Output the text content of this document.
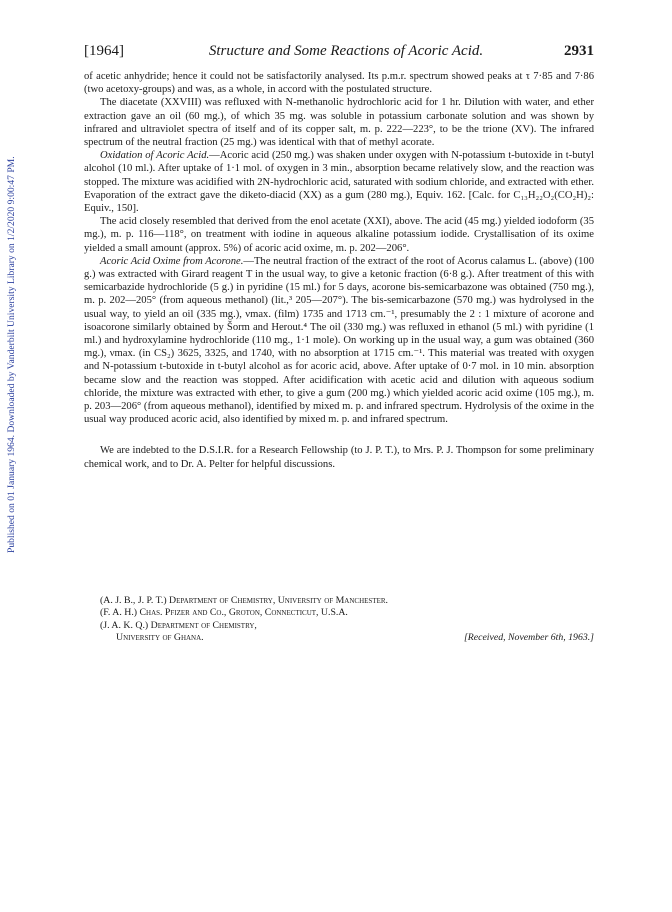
Published on 01 January 1964. Downloaded by Vanderbilt University Library on 1/2/2020 9:00:47 PM.
[1964]	Structure and Some Reactions of Acoric Acid.	2931

of acetic anhydride; hence it could not be satisfactorily analysed. Its p.m.r. spectrum showed peaks at τ 7·85 and 7·86 (two acetoxy-groups) and was, as a whole, in accord with the postulated structure.

The diacetate (XXVIII) was refluxed with N-methanolic hydrochloric acid for 1 hr. Dilution with water, and ether extraction gave an oil (60 mg.), of which 35 mg. was soluble in potassium carbonate solution and was shown by infrared and ultraviolet spectra of itself and of its copper salt, m. p. 222—223°, to be the trione (XV). The infrared spectrum of the neutral fraction (25 mg.) was identical with that of methyl acorate.

Oxidation of Acoric Acid.—Acoric acid (250 mg.) was shaken under oxygen with N-potassium t-butoxide in t-butyl alcohol (10 ml.). After uptake of 1·1 mol. of oxygen in 3 min., absorption became relatively slow, and the reaction was stopped. The mixture was acidified with 2N-hydrochloric acid, saturated with sodium chloride, and extracted with ether. Evaporation of the extract gave the diketo-diacid (XX) as a gum (280 mg.), Equiv. 162. [Calc. for C₁₃H₂₂O₂(CO₂H)₂: Equiv., 150].

The acid closely resembled that derived from the enol acetate (XXI), above. The acid (45 mg.) yielded iodoform (35 mg.), m. p. 116—118°, on treatment with iodine in aqueous alkaline potassium iodide. Crystallisation of its oxime yielded a small amount (approx. 5%) of acoric acid oxime, m. p. 202—206°.

Acoric Acid Oxime from Acorone.—The neutral fraction of the extract of the root of Acorus calamus L. (above) (100 g.) was extracted with Girard reagent T in the usual way, to give a ketonic fraction (6·8 g.). After treatment of this with semicarbazide hydrochloride (5 g.) in pyridine (15 ml.) for 5 days, acorone bis-semicarbazone was obtained (750 mg.), m. p. 202—205° (from aqueous methanol) (lit.,³ 205—207°). The bis-semicarbazone (570 mg.) was hydrolysed in the usual way, to yield an oil (335 mg.), νmax. (film) 1735 and 1713 cm.⁻¹, presumably the 2 : 1 mixture of acorone and isoacorone similarly obtained by Šorm and Herout.⁴ The oil (330 mg.) was refluxed in ethanol (5 ml.) with pyridine (1 ml.) and hydroxylamine hydrochloride (110 mg., 1·1 mole). On working up in the usual way, a gum was obtained (360 mg.), νmax. (in CS₂) 3625, 3325, and 1740, with no absorption at 1715 cm.⁻¹. This material was treated with oxygen and N-potassium t-butoxide in t-butyl alcohol as for acoric acid, above. After uptake of 0·7 mol. in 10 min. absorption became slow and the reaction was stopped. After acidification with acetic acid and dilution with aqueous sodium chloride, the mixture was extracted with ether, to give a gum (200 mg.) which yielded acoric acid oxime (105 mg.), m. p. 203—206° (from aqueous methanol), identified by mixed m. p. and infrared spectrum. Hydrolysis of the oxime in the usual way produced acoric acid, also identified by mixed m. p. and infrared spectrum.

We are indebted to the D.S.I.R. for a Research Fellowship (to J. P. T.), to Mrs. P. J. Thompson for some preliminary chemical work, and to Dr. A. Pelter for helpful discussions.

(A. J. B., J. P. T.) Department of Chemistry, University of Manchester.
(F. A. H.) Chas. Pfizer and Co., Groton, Connecticut, U.S.A.
(J. A. K. Q.) Department of Chemistry,
University of Ghana.	[Received, November 6th, 1963.]
